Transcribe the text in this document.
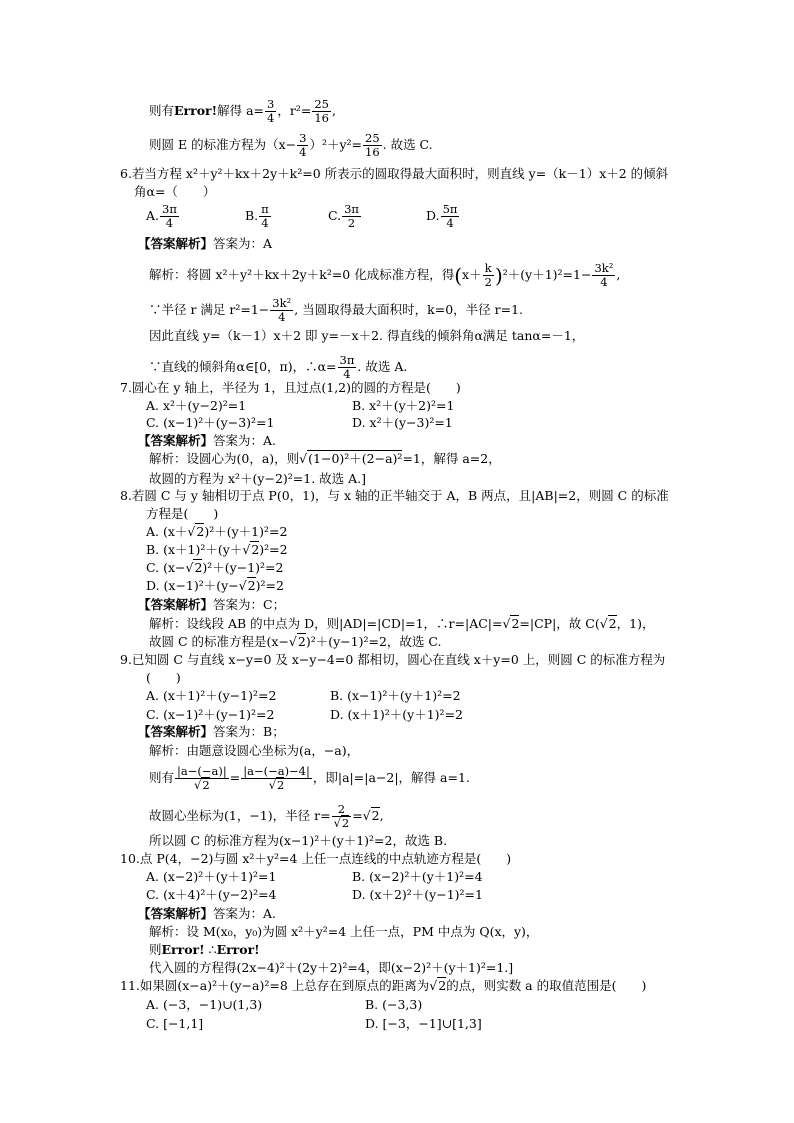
则有Error!解得 $a= \frac{3}{4}$ ，$r^2= \frac{25}{16}$ ,
则圆 E 的标准方程为$(x- \frac{3}{4} )^2+y^2= \frac{25}{16}$ . 故选 C.
6.若当方程 x²＋y²＋kx＋2y＋k²=0 所表示的圆取得最大面积时，则直线 y=（k－1）x＋2 的倾斜
角α=（　　）
A. $\frac{3\pi}{4}$	B. $\frac{\pi}{4}$	C. $\frac{3\pi}{2}$	D. $\frac{5\pi}{4}$
【答案解析】答案为：A
解析：将圆 x²＋y²＋kx＋2y＋k²=0 化成标准方程，得$(x+ \frac{k}{2} )^2+(y+1)^2=1- \frac{\text{3k²}}{4}$ ,
∵半径 r 满足 $r^2=1- \frac{\text{3k²}}{4}$ , 当圆取得最大面积时，k=0，半径 r=1.
因此直线 y=（k－1）x＋2 即 y=－x＋2. 得直线的倾斜角α满足 tanα=－1，
∵直线的倾斜角α∈[0，π)，∴α= $\frac{3\pi}{4}$ . 故选 A.
7.圆心在 y 轴上，半径为 1，且过点(1,2)的圆的方程是(　　)
A. x²＋(y−2)²=1	B. x²＋(y＋2)²=1
C. (x−1)²＋(y−3)²=1	D. x²＋(y−3)²=1
【答案解析】答案为：A.
解析：设圆心为(0，a)，则√(1−0)²＋(2−a)²=1，解得 a=2，
故圆的方程为 x²＋(y−2)²=1. 故选 A.]
8.若圆 C 与 y 轴相切于点 P(0，1)，与 x 轴的正半轴交于 A，B 两点，且|AB|=2，则圆 C 的标准
方程是(　　)
A. (x＋√2)²＋(y＋1)²=2
B. (x＋1)²＋(y＋√2)²=2
C. (x−√2)²＋(y−1)²=2
D. (x−1)²＋(y−√2)²=2
【答案解析】答案为：C；
解析：设线段 AB 的中点为 D，则|AD|=|CD|=1，∴r=|AC|=√2=|CP|，故 C(√2，1)，
故圆 C 的标准方程是(x−√2)²＋(y−1)²=2，故选 C.
9.已知圆 C 与直线 x−y=0 及 x−y−4=0 都相切，圆心在直线 x＋y=0 上，则圆 C 的标准方程为
(　　)
A. (x＋1)²＋(y−1)²=2	B. (x−1)²＋(y＋1)²=2
C. (x−1)²＋(y−1)²=2	D. (x＋1)²＋(y＋1)²=2
【答案解析】答案为：B；
解析：由题意设圆心坐标为(a，−a)，
则有 $\frac{|a-(-a)|}{√2} = \frac{|a-(-a)-4|}{√2}$ ，即|a|=|a−2|，解得 a=1.
故圆心坐标为(1，−1)，半径 $r= \frac{2}{√2} =√2$,
所以圆 C 的标准方程为(x−1)²＋(y＋1)²=2，故选 B.
10.点 P(4，−2)与圆 x²＋y²=4 上任一点连线的中点轨迹方程是(　　)
A. (x−2)²＋(y＋1)²=1	B. (x−2)²＋(y＋1)²=4
C. (x＋4)²＋(y−2)²=4	D. (x＋2)²＋(y−1)²=1
【答案解析】答案为：A.
解析：设 M(x₀，y₀)为圆 x²＋y²=4 上任一点，PM 中点为 Q(x，y)，
则Error! ∴Error!
代入圆的方程得(2x−4)²＋(2y＋2)²=4，即(x−2)²＋(y＋1)²=1.]
11.如果圆(x−a)²＋(y−a)²=8 上总存在到原点的距离为√2的点，则实数 a 的取值范围是(　　)
A. (−3，−1)∪(1,3)	B. (−3,3)
C. [−1,1]	D. [−3，−1]∪[1,3]
